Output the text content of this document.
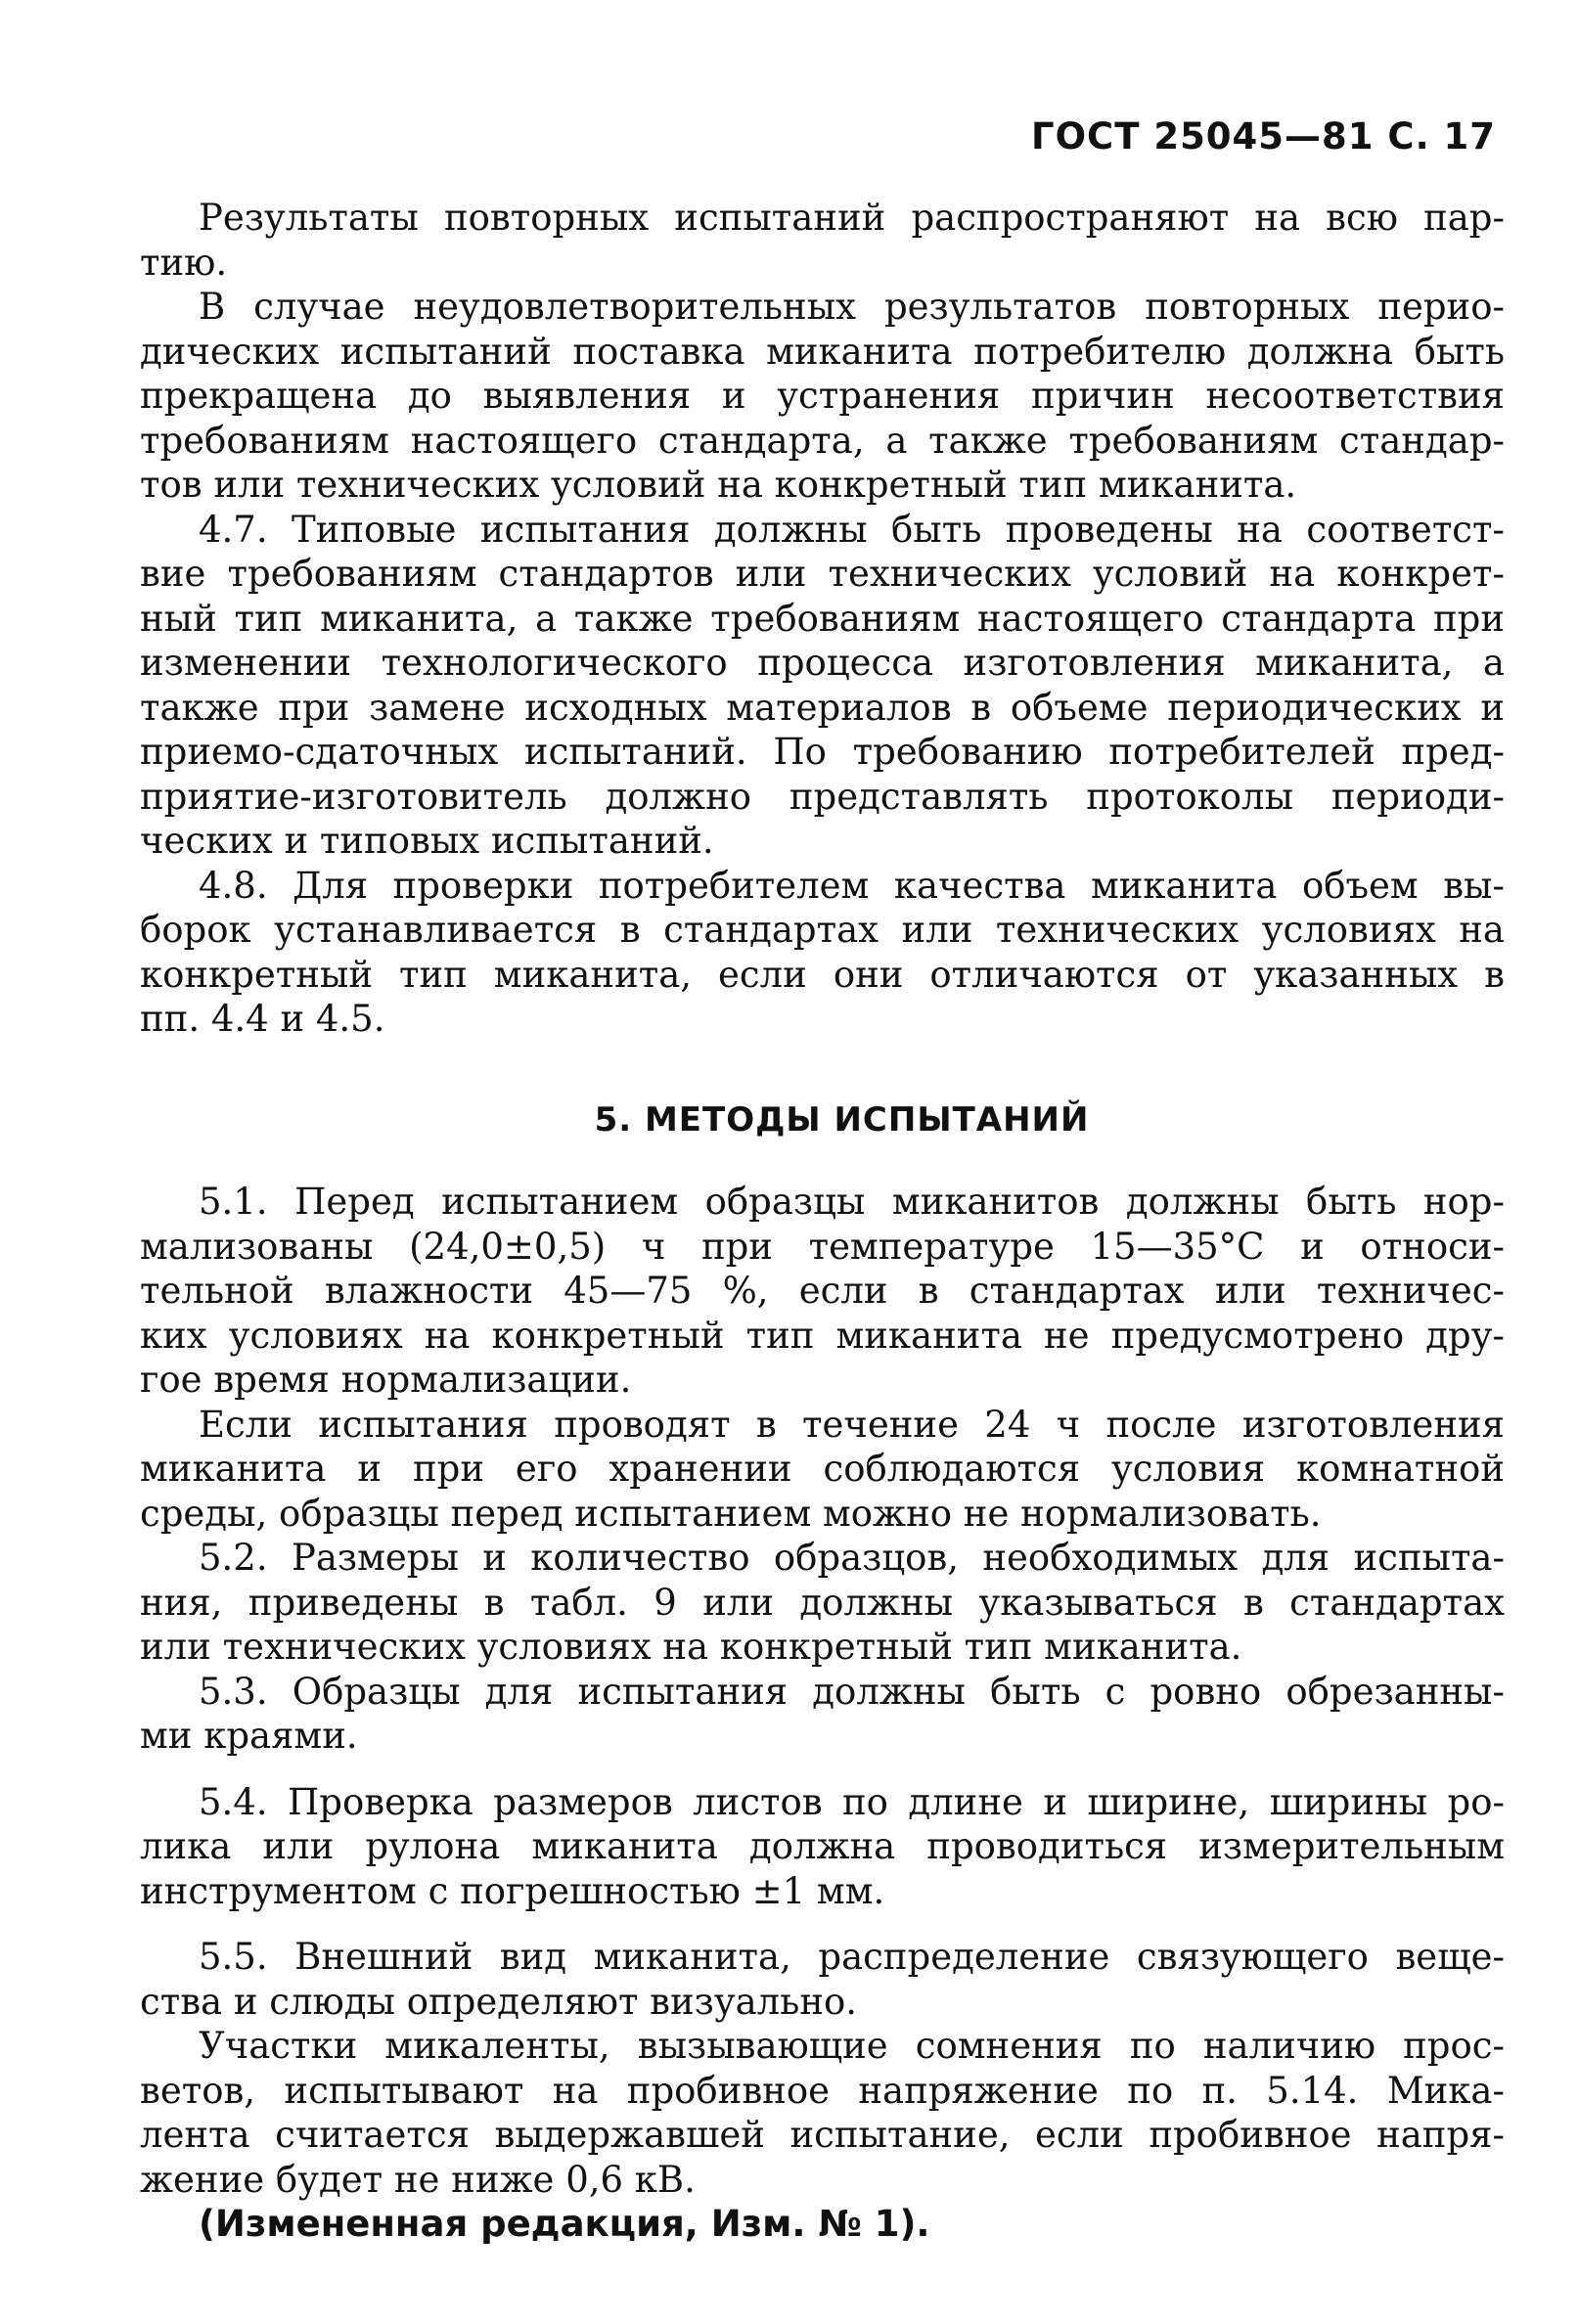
ГОСТ 25045—81 С. 17
Результаты повторных испытаний распространяют на всю пар-
тию.
В случае неудовлетворительных результатов повторных перио-
дических испытаний поставка миканита потребителю должна быть
прекращена до выявления и устранения причин несоответствия
требованиям настоящего стандарта, а также требованиям стандар-
тов или технических условий на конкретный тип миканита.
4.7. Типовые испытания должны быть проведены на соответст-
вие требованиям стандартов или технических условий на конкрет-
ный тип миканита, а также требованиям настоящего стандарта при
изменении технологического процесса изготовления миканита, а
также при замене исходных материалов в объеме периодических и
приемо-сдаточных испытаний. По требованию потребителей пред-
приятие-изготовитель должно представлять протоколы периоди-
ческих и типовых испытаний.
4.8. Для проверки потребителем качества миканита объем вы-
борок устанавливается в стандартах или технических условиях на
конкретный тип миканита, если они отличаются от указанных в
пп. 4.4 и 4.5.
5. МЕТОДЫ ИСПЫТАНИЙ
5.1. Перед испытанием образцы миканитов должны быть нор-
мализованы (24,0±0,5) ч при температуре 15—35°С и относи-
тельной влажности 45—75 %, если в стандартах или техничес-
ких условиях на конкретный тип миканита не предусмотрено дру-
гое время нормализации.
Если испытания проводят в течение 24 ч после изготовления
миканита и при его хранении соблюдаются условия комнатной
среды, образцы перед испытанием можно не нормализовать.
5.2. Размеры и количество образцов, необходимых для испыта-
ния, приведены в табл. 9 или должны указываться в стандартах
или технических условиях на конкретный тип миканита.
5.3. Образцы для испытания должны быть с ровно обрезанны-
ми краями.
5.4. Проверка размеров листов по длине и ширине, ширины ро-
лика или рулона миканита должна проводиться измерительным
инструментом с погрешностью ±1 мм.
5.5. Внешний вид миканита, распределение связующего веще-
ства и слюды определяют визуально.
Участки микаленты, вызывающие сомнения по наличию прос-
ветов, испытывают на пробивное напряжение по п. 5.14. Мика-
лента считается выдержавшей испытание, если пробивное напря-
жение будет не ниже 0,6 кВ.
(Измененная редакция, Изм. № 1).
